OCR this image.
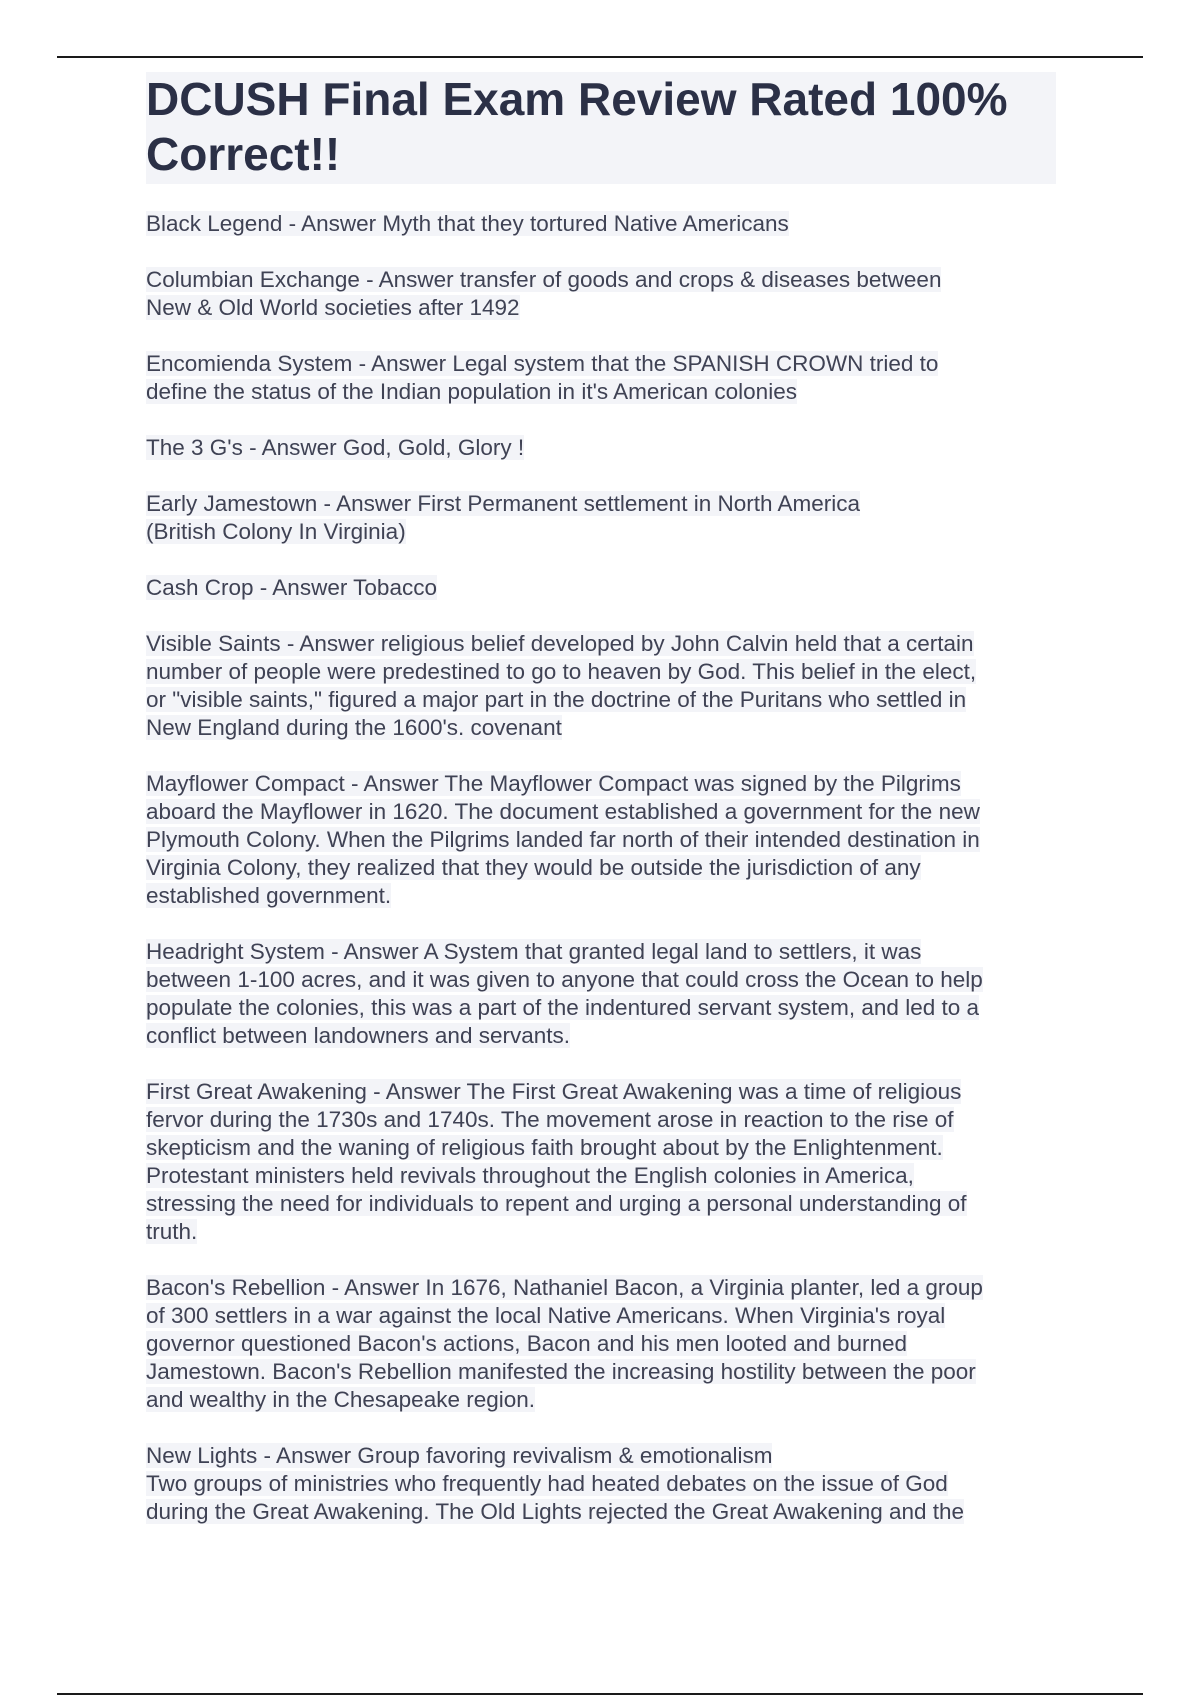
DCUSH Final Exam Review Rated 100% Correct!!

Black Legend - Answer Myth that they tortured Native Americans

Columbian Exchange - Answer transfer of goods and crops & diseases between
New & Old World societies after 1492

Encomienda System - Answer Legal system that the SPANISH CROWN tried to
define the status of the Indian population in it's American colonies

The 3 G's - Answer God, Gold, Glory !

Early Jamestown - Answer First Permanent settlement in North America
(British Colony In Virginia)

Cash Crop - Answer Tobacco

Visible Saints - Answer religious belief developed by John Calvin held that a certain
number of people were predestined to go to heaven by God. This belief in the elect,
or "visible saints," figured a major part in the doctrine of the Puritans who settled in
New England during the 1600's. covenant

Mayflower Compact - Answer The Mayflower Compact was signed by the Pilgrims
aboard the Mayflower in 1620. The document established a government for the new
Plymouth Colony. When the Pilgrims landed far north of their intended destination in
Virginia Colony, they realized that they would be outside the jurisdiction of any
established government.

Headright System - Answer A System that granted legal land to settlers, it was
between 1-100 acres, and it was given to anyone that could cross the Ocean to help
populate the colonies, this was a part of the indentured servant system, and led to a
conflict between landowners and servants.

First Great Awakening - Answer The First Great Awakening was a time of religious
fervor during the 1730s and 1740s. The movement arose in reaction to the rise of
skepticism and the waning of religious faith brought about by the Enlightenment.
Protestant ministers held revivals throughout the English colonies in America,
stressing the need for individuals to repent and urging a personal understanding of
truth.

Bacon's Rebellion - Answer In 1676, Nathaniel Bacon, a Virginia planter, led a group
of 300 settlers in a war against the local Native Americans. When Virginia's royal
governor questioned Bacon's actions, Bacon and his men looted and burned
Jamestown. Bacon's Rebellion manifested the increasing hostility between the poor
and wealthy in the Chesapeake region.

New Lights - Answer Group favoring revivalism & emotionalism
Two groups of ministries who frequently had heated debates on the issue of God
during the Great Awakening. The Old Lights rejected the Great Awakening and the
